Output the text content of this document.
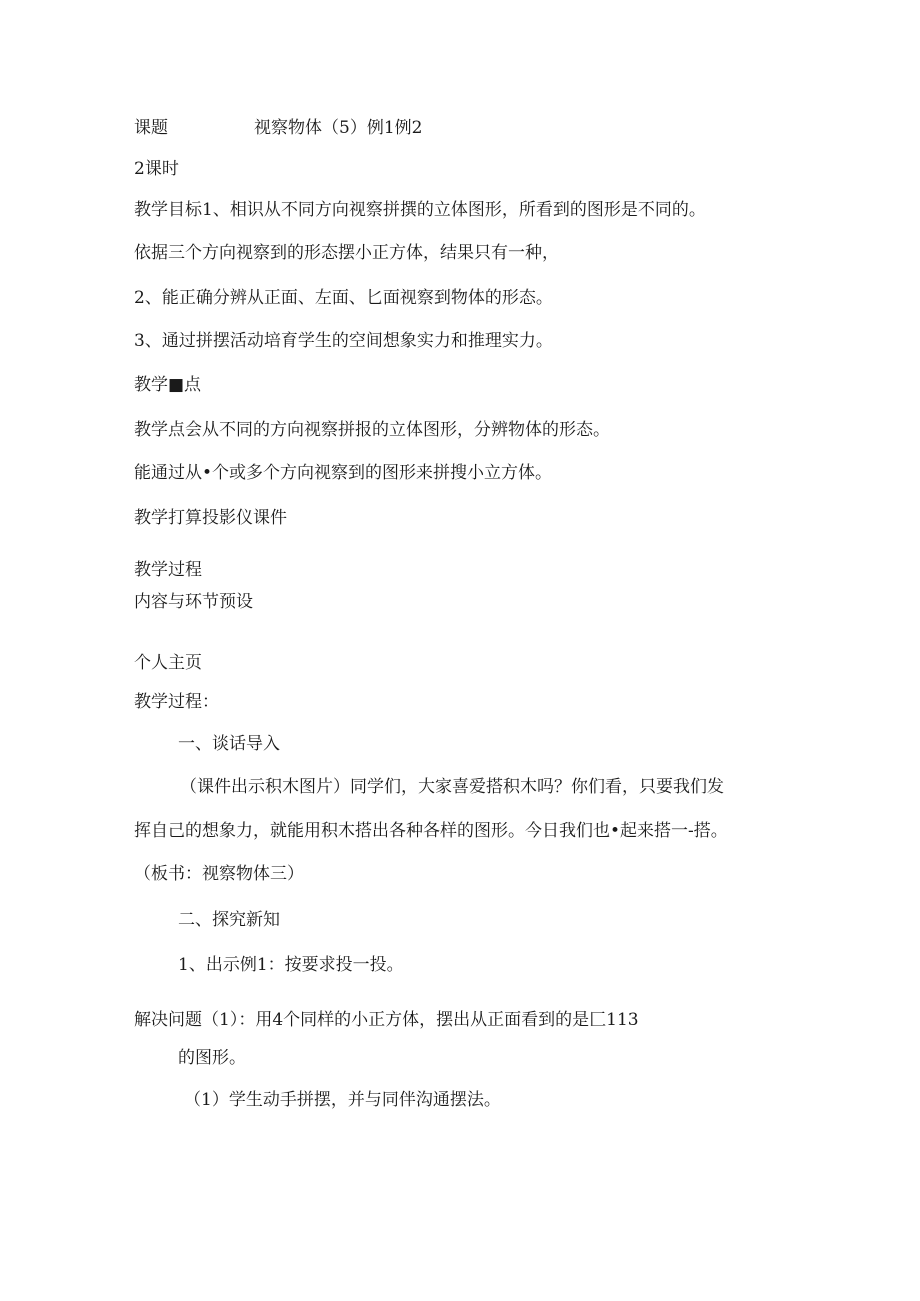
课题	视察物体（5）例1例2
2课时
教学目标1、相识从不同方向视察拼撰的立体图形，所看到的图形是不同的。
依据三个方向视察到的形态摆小正方体，结果只有一种，
2、能正确分辨从正面、左面、匕面视察到物体的形态。
3、通过拼摆活动培育学生的空间想象实力和推理实力。
教学■点
教学点会从不同的方向视察拼报的立体图形，分辨物体的形态。
能通过从•个或多个方向视察到的图形来拼搜小立方体。
教学打算投影仪课件
教学过程
内容与环节预设
个人主页
教学过程：
一、谈话导入
（课件出示积木图片）同学们，大家喜爱搭积木吗？你们看，只要我们发
挥自己的想象力，就能用积木搭出各种各样的图形。今日我们也•起来搭一-搭。
（板书：视察物体三）
二、探究新知
1、出示例1：按要求投一投。
解决问题（1）：用4个同样的小正方体，摆出从正面看到的是匚113
的图形。
（1）学生动手拼摆，并与同伴沟通摆法。
